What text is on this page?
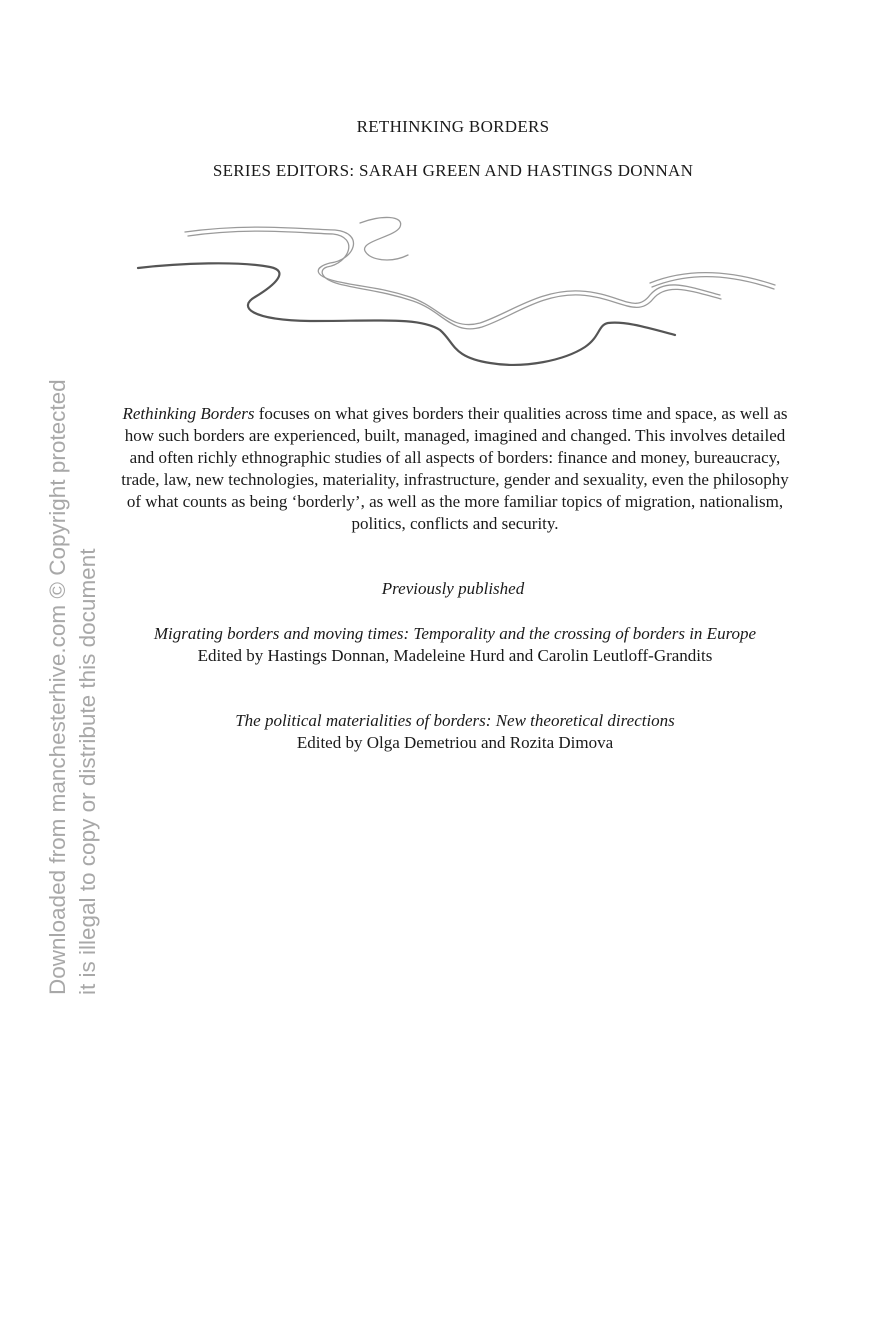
RETHINKING BORDERS
SERIES EDITORS: SARAH GREEN AND HASTINGS DONNAN
Rethinking Borders focuses on what gives borders their qualities across time and space, as well as how such borders are experienced, built, managed, imagined and changed. This involves detailed and often richly ethnographic studies of all aspects of borders: finance and money, bureaucracy, trade, law, new technologies, materiality, infrastructure, gender and sexuality, even the philosophy of what counts as being ‘borderly’, as well as the more familiar topics of migration, nationalism, politics, conflicts and security.
Previously published
Migrating borders and moving times: Temporality and the crossing of borders in Europe
Edited by Hastings Donnan, Madeleine Hurd and Carolin Leutloff-Grandits
The political materialities of borders: New theoretical directions
Edited by Olga Demetriou and Rozita Dimova
Downloaded from manchesterhive.com © Copyright protected it is illegal to copy or distribute this document
